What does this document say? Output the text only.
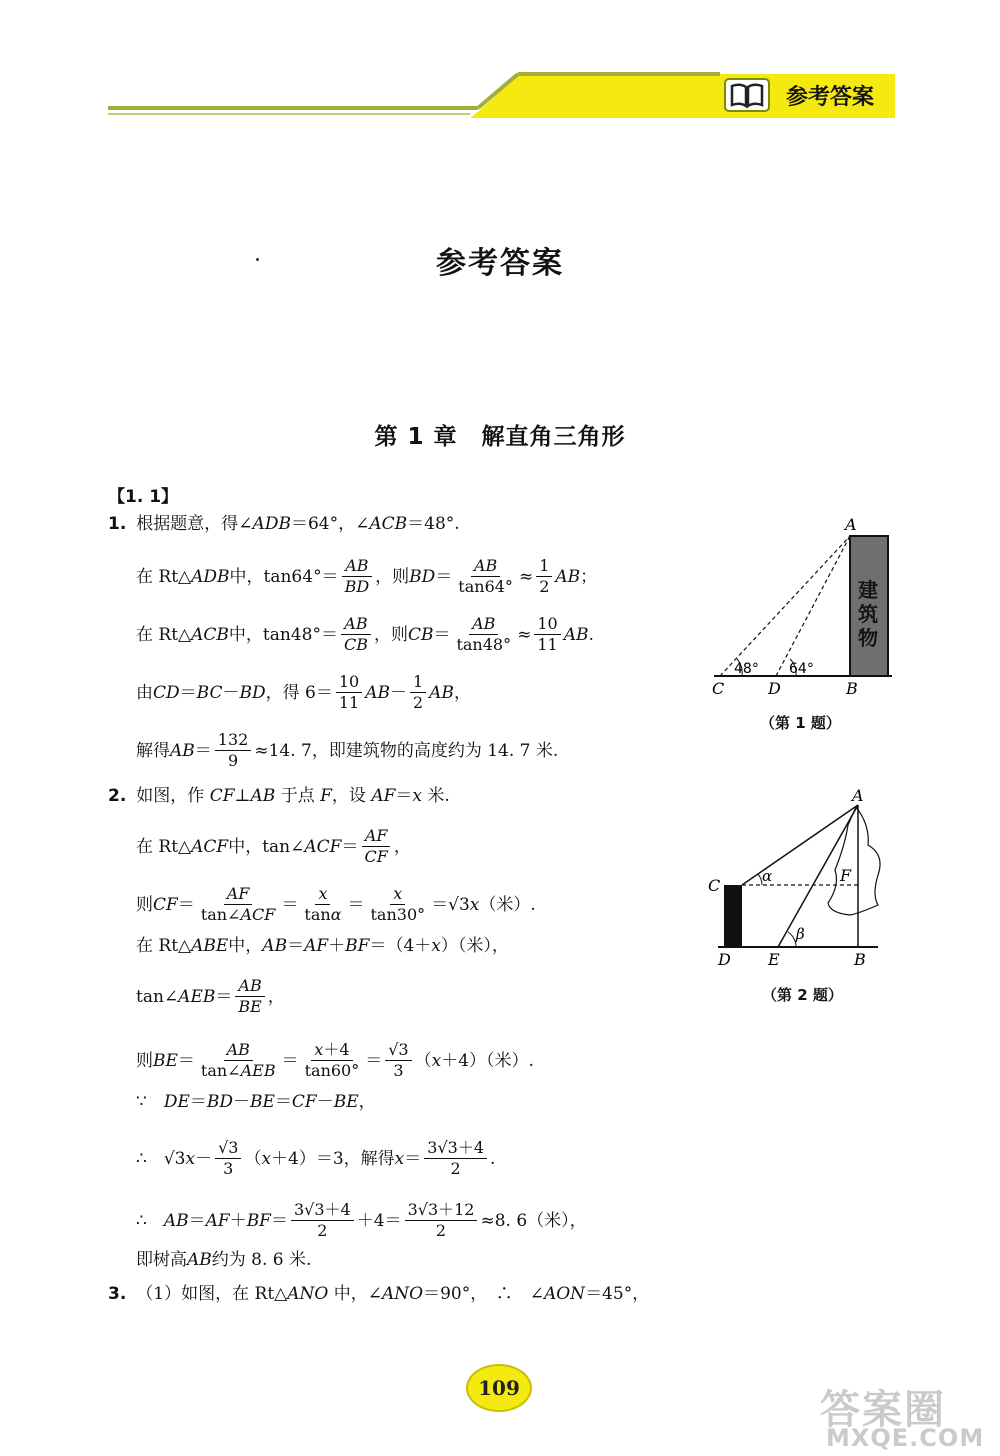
参考答案
参考答案
第 1 章　解直角三角形
【1. 1】
1. 根据题意，得∠ADB＝64°，∠ACB＝48°.
在 Rt△ ADB 中，$\tan 64^\circ= \frac{AB}{BD}$ ，则 BD ＝ $\frac{AB}{\tan 64^\circ} \approx \frac{1}{2}$ AB ；
在 Rt△ ACB 中，$\tan 48^\circ= \frac{AB}{CB}$ ，则 CB ＝ $\frac{AB}{\tan 48^\circ} \approx \frac{10}{11}$ AB .
由 CD ＝ BC － BD ，得 $6= \frac{10}{11}$ AB － $\frac{1}{2}$ AB ，
解得 AB ＝ $\frac{132}{9} \approx 14$. 7，即建筑物的高度约为 14. 7 米.
A
B
C	D
48° 64°
建筑物
（第 1 题）
2. 如图，作 CF⊥AB 于点 F，设 AF＝x 米.
在 Rt△ ACF 中，tan∠ ACF ＝ $\frac{AF}{CF}$ ，
则 CF ＝ $\frac{AF}{\text{tan∠ACF}} = \frac{x}{\tan\alpha} = \frac{x}{\tan 30^\circ} =√3$ x （米）.
在 Rt△ ABE 中， AB ＝ AF ＋ BF ＝（4＋ x ）（米），
tan∠ AEB ＝ $\frac{AB}{BE}$ ，
则 BE ＝ $\frac{AB}{\text{tan∠AEB}} = \frac{x+4}{\tan 60^\circ} = \frac{√3}{3}$ （ x ＋4）（米）.
∵　 DE ＝ BD － BE ＝ CF － BE ，
∴　√3 $x - \frac{√3}{3}$ （ x ＋4）＝3，解得 $x = \frac{3√3+4}{2}$ .
∴　 AB ＝ AF ＋ BF ＝ $\frac{3√3+4}{2} +4= \frac{3√3+12}{2} \approx 8$. 6（米），
即树高 AB 约为 8. 6 米.
A
B
C
D E
F
α
β
（第 2 题）
3. （1）如图，在 Rt△ANO 中，∠ANO＝90°，　∴　∠AON＝45°，
109	答案圈
MXQE.COM
